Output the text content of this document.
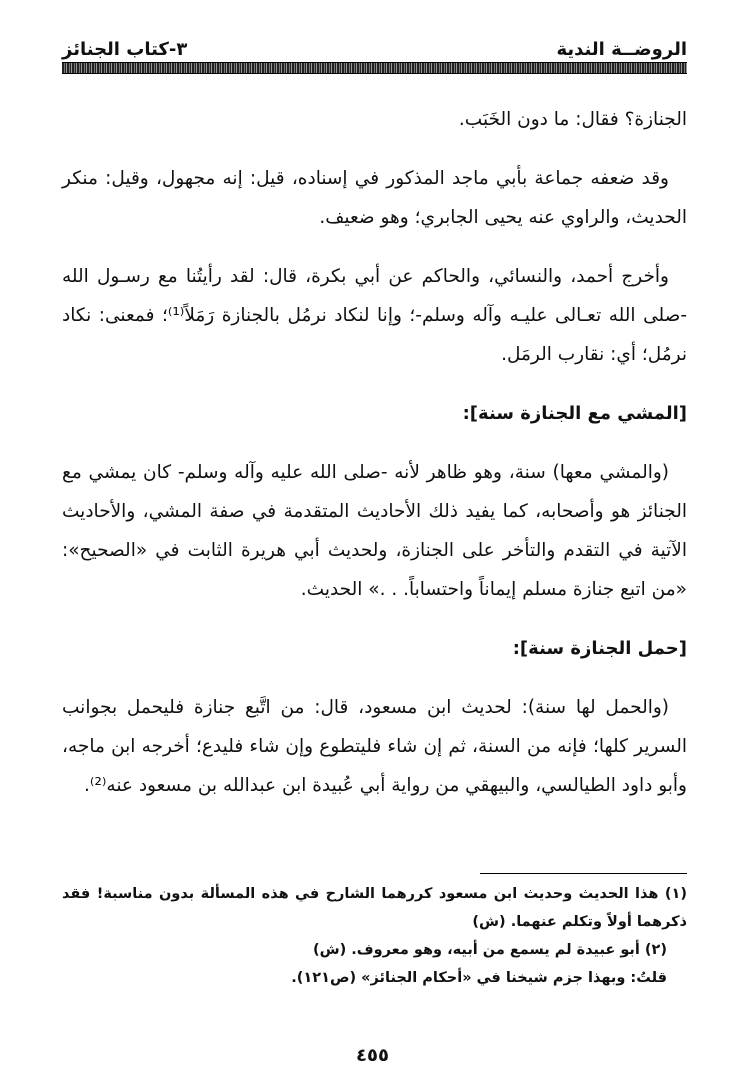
الروضــة الندية
٣-كتاب الجنائز

الجنازة؟ فقال: ما دون الخَبَب.

وقد ضعفه جماعة بأبي ماجد المذكور في إسناده، قيل: إنه مجهول، وقيل: منكر الحديث، والراوي عنه يحيى الجابري؛ وهو ضعيف.

وأخرج أحمد، والنسائي، والحاكم عن أبي بكرة، قال: لقد رأيتُنا مع رسـول الله -صلى الله تعـالى عليـه وآله وسلم-؛ وإنا لنكاد نرمُل بالجنازة رَمَلاً⁽¹⁾؛ فمعنى: نكاد نرمُل؛ أي: نقارب الرمَل.

[المشي مع الجنازة سنة]:

(والمشي معها) سنة، وهو ظاهر لأنه -صلى الله عليه وآله وسلم- كان يمشي مع الجنائز هو وأصحابه، كما يفيد ذلك الأحاديث المتقدمة في صفة المشي، والأحاديث الآتية في التقدم والتأخر على الجنازة، ولحديث أبي هريرة الثابت في «الصحيح»: «من اتبع جنازة مسلم إيماناً واحتساباً. . .» الحديث.

[حمل الجنازة سنة]:

(والحمل لها سنة): لحديث ابن مسعود، قال: من اتَّبع جنازة فليحمل بجوانب السرير كلها؛ فإنه من السنة، ثم إن شاء فليتطوع وإن شاء فليدع؛ أخرجه ابن ماجه، وأبو داود الطيالسي، والبيهقي من رواية أبي عُبيدة ابن عبدالله بن مسعود عنه⁽²⁾.

(١) هذا الحديث وحديث ابن مسعود كررهما الشارح في هذه المسألة بدون مناسبة! فقد ذكرهما أولاً وتكلم عنهما. (ش)

(٢) أبو عبيدة لم يسمع من أبيه، وهو معروف. (ش)

قلتُ: وبهذا جزم شيخنا في «أحكام الجنائز» (ص١٢١).

٤٥٥
